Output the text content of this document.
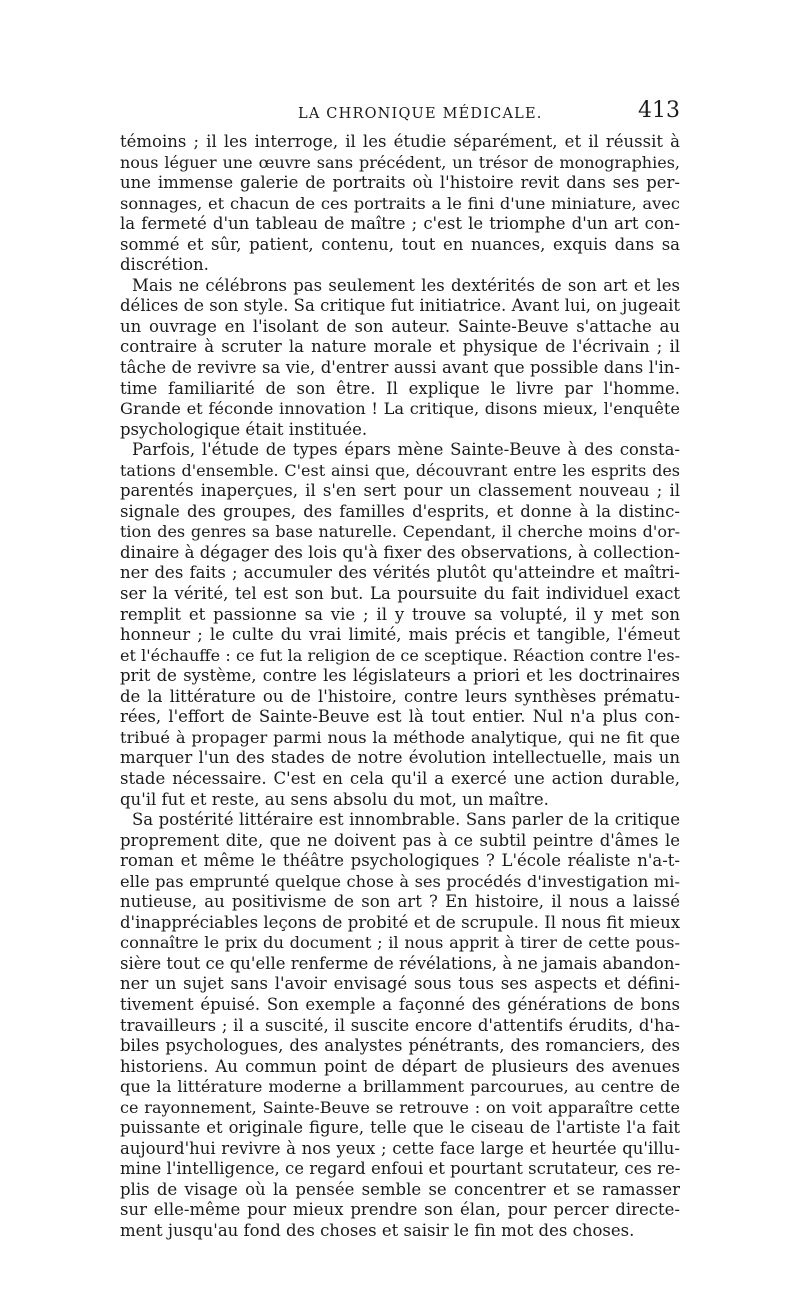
LA CHRONIQUE MÉDICALE.	413
témoins ; il les interroge, il les étudie séparément, et il réussit à
nous léguer une œuvre sans précédent, un trésor de monographies,
une immense galerie de portraits où l'histoire revit dans ses per-
sonnages, et chacun de ces portraits a le fini d'une miniature, avec
la fermeté d'un tableau de maître ; c'est le triomphe d'un art con-
sommé et sûr, patient, contenu, tout en nuances, exquis dans sa
discrétion.
Mais ne célébrons pas seulement les dextérités de son art et les
délices de son style. Sa critique fut initiatrice. Avant lui, on jugeait
un ouvrage en l'isolant de son auteur. Sainte-Beuve s'attache au
contraire à scruter la nature morale et physique de l'écrivain ; il
tâche de revivre sa vie, d'entrer aussi avant que possible dans l'in-
time familiarité de son être. Il explique le livre par l'homme.
Grande et féconde innovation ! La critique, disons mieux, l'enquête
psychologique était instituée.
Parfois, l'étude de types épars mène Sainte-Beuve à des consta-
tations d'ensemble. C'est ainsi que, découvrant entre les esprits des
parentés inaperçues, il s'en sert pour un classement nouveau ; il
signale des groupes, des familles d'esprits, et donne à la distinc-
tion des genres sa base naturelle. Cependant, il cherche moins d'or-
dinaire à dégager des lois qu'à fixer des observations, à collection-
ner des faits ; accumuler des vérités plutôt qu'atteindre et maîtri-
ser la vérité, tel est son but. La poursuite du fait individuel exact
remplit et passionne sa vie ; il y trouve sa volupté, il y met son
honneur ; le culte du vrai limité, mais précis et tangible, l'émeut
et l'échauffe : ce fut la religion de ce sceptique. Réaction contre l'es-
prit de système, contre les législateurs a priori et les doctrinaires
de la littérature ou de l'histoire, contre leurs synthèses prématu-
rées, l'effort de Sainte-Beuve est là tout entier. Nul n'a plus con-
tribué à propager parmi nous la méthode analytique, qui ne fit que
marquer l'un des stades de notre évolution intellectuelle, mais un
stade nécessaire. C'est en cela qu'il a exercé une action durable,
qu'il fut et reste, au sens absolu du mot, un maître.
Sa postérité littéraire est innombrable. Sans parler de la critique
proprement dite, que ne doivent pas à ce subtil peintre d'âmes le
roman et même le théâtre psychologiques ? L'école réaliste n'a-t-
elle pas emprunté quelque chose à ses procédés d'investigation mi-
nutieuse, au positivisme de son art ? En histoire, il nous a laissé
d'inappréciables leçons de probité et de scrupule. Il nous fit mieux
connaître le prix du document ; il nous apprit à tirer de cette pous-
sière tout ce qu'elle renferme de révélations, à ne jamais abandon-
ner un sujet sans l'avoir envisagé sous tous ses aspects et défini-
tivement épuisé. Son exemple a façonné des générations de bons
travailleurs ; il a suscité, il suscite encore d'attentifs érudits, d'ha-
biles psychologues, des analystes pénétrants, des romanciers, des
historiens. Au commun point de départ de plusieurs des avenues
que la littérature moderne a brillamment parcourues, au centre de
ce rayonnement, Sainte-Beuve se retrouve : on voit apparaître cette
puissante et originale figure, telle que le ciseau de l'artiste l'a fait
aujourd'hui revivre à nos yeux ; cette face large et heurtée qu'illu-
mine l'intelligence, ce regard enfoui et pourtant scrutateur, ces re-
plis de visage où la pensée semble se concentrer et se ramasser
sur elle-même pour mieux prendre son élan, pour percer directe-
ment jusqu'au fond des choses et saisir le fin mot des choses.
